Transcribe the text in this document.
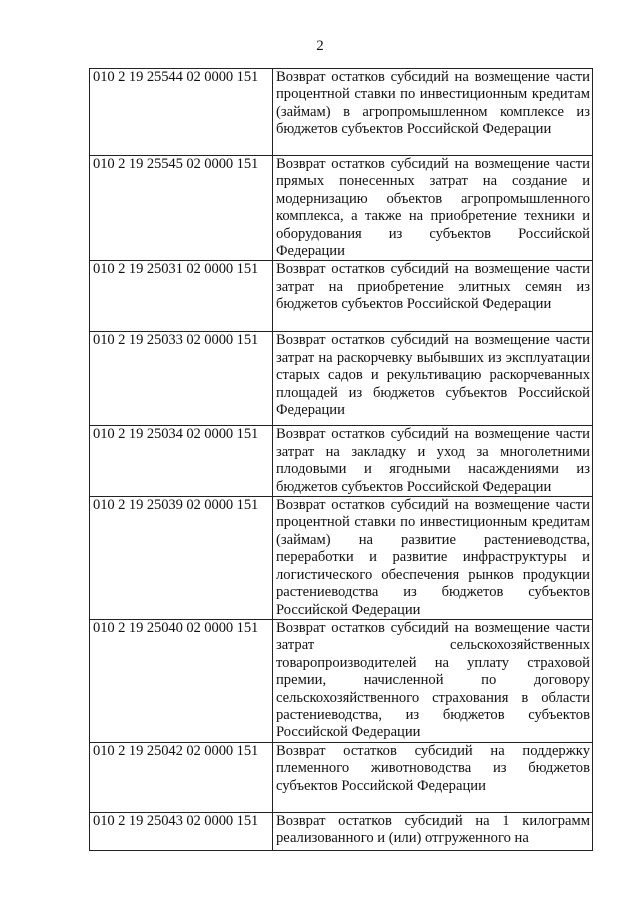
2
010 2 19 25544 02 0000 151	Возврат остатков субсидий на возмещение части процентной ставки по инвестиционным кредитам (займам) в агропромышленном комплексе из бюджетов субъектов Российской Федерации
010 2 19 25545 02 0000 151	Возврат остатков субсидий на возмещение части прямых понесенных затрат на создание и модернизацию объектов агропромышленного комплекса, а также на приобретение техники и оборудования из субъектов Российской Федерации
010 2 19 25031 02 0000 151	Возврат остатков субсидий на возмещение части затрат на приобретение элитных семян из бюджетов субъектов Российской Федерации
010 2 19 25033 02 0000 151	Возврат остатков субсидий на возмещение части затрат на раскорчевку выбывших из эксплуатации старых садов и рекультивацию раскорчеванных площадей из бюджетов субъектов Российской Федерации
010 2 19 25034 02 0000 151	Возврат остатков субсидий на возмещение части затрат на закладку и уход за многолетними плодовыми и ягодными насаждениями из бюджетов субъектов Российской Федерации
010 2 19 25039 02 0000 151	Возврат остатков субсидий на возмещение части процентной ставки по инвестиционным кредитам (займам) на развитие растениеводства, переработки и развитие инфраструктуры и логистического обеспечения рынков продукции растениеводства из бюджетов субъектов Российской Федерации
010 2 19 25040 02 0000 151	Возврат остатков субсидий на возмещение части затрат сельскохозяйственных товаропроизводителей на уплату страховой премии, начисленной по договору сельскохозяйственного страхования в области растениеводства, из бюджетов субъектов Российской Федерации
010 2 19 25042 02 0000 151	Возврат остатков субсидий на поддержку племенного животноводства из бюджетов субъектов Российской Федерации
010 2 19 25043 02 0000 151	Возврат остатков субсидий на 1 килограмм реализованного и (или) отгруженного на
